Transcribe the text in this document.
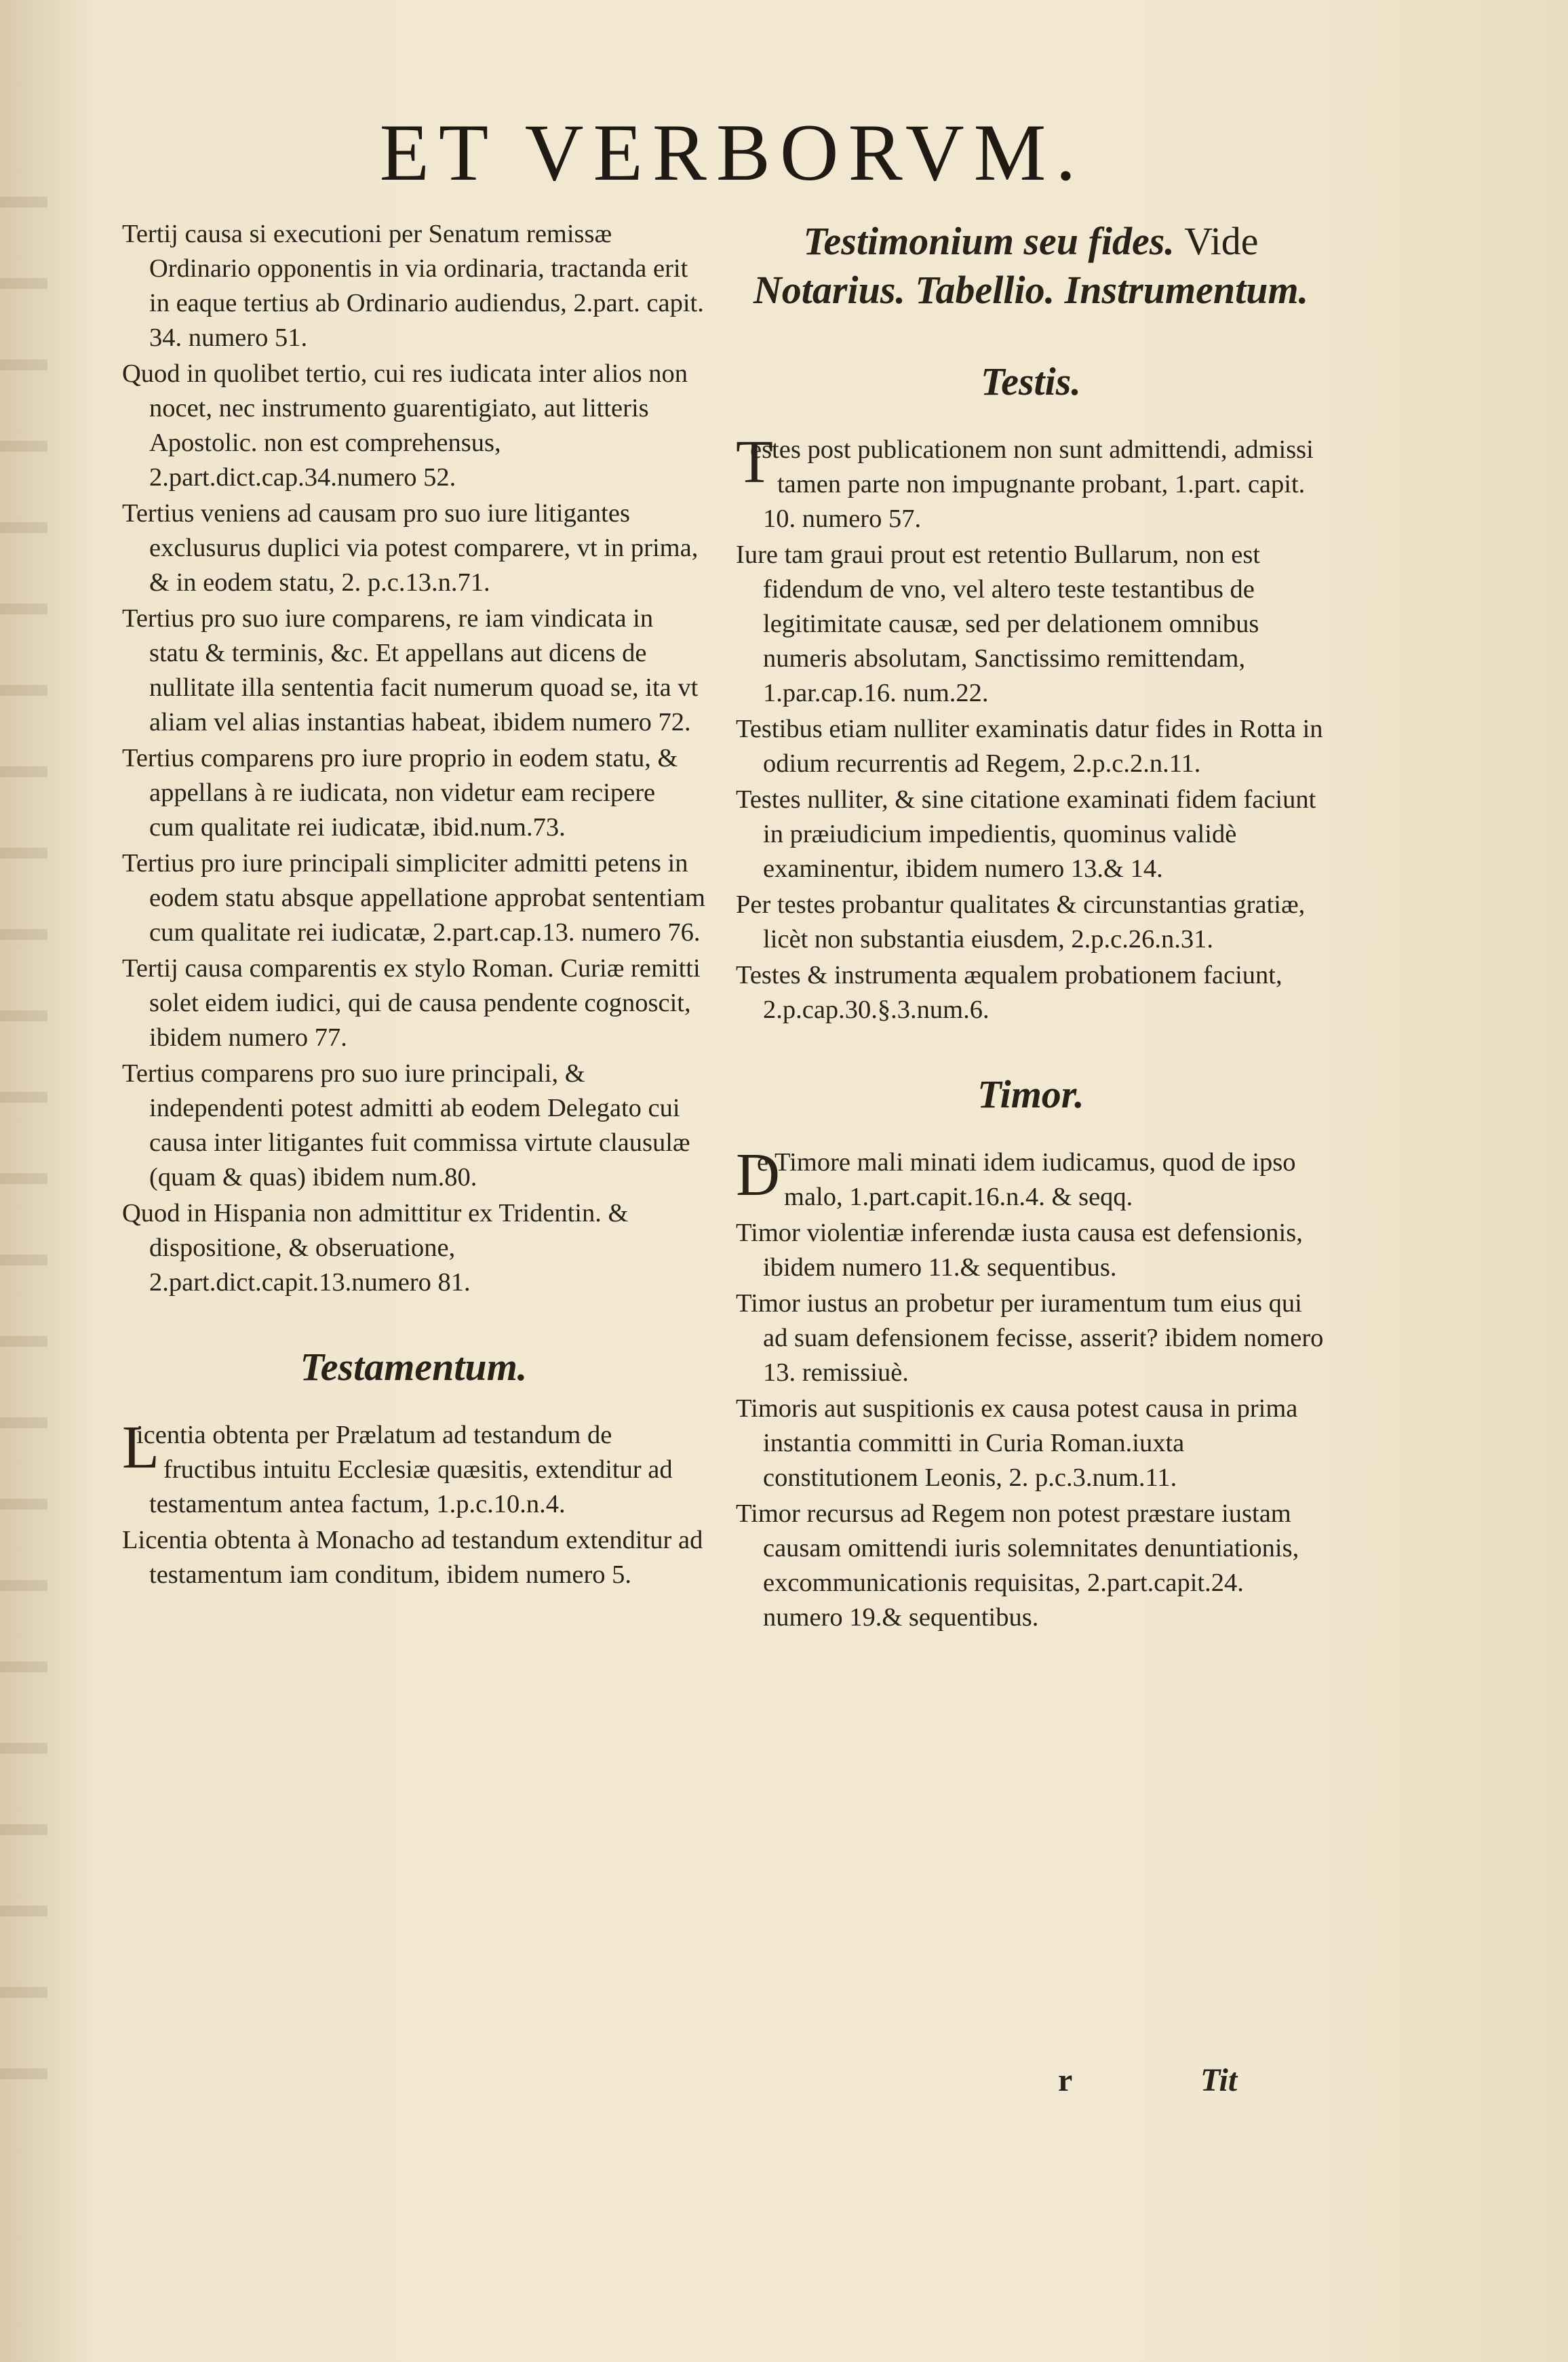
ET VERBORVM.

Tertij causa si executioni per Senatum remissæ Ordinario opponentis in via ordinaria, tractanda erit in eaque tertius ab Ordinario audiendus, 2.part. capit. 34. numero 51.

Quod in quolibet tertio, cui res iudicata inter alios non nocet, nec instrumento guarentigiato, aut litteris Apostolic. non est comprehensus, 2.part.dict.cap.34.numero 52.

Tertius veniens ad causam pro suo iure litigantes exclusurus duplici via potest comparere, vt in prima, & in eodem statu, 2. p.c.13.n.71.

Tertius pro suo iure comparens, re iam vindicata in statu & terminis, &c. Et appellans aut dicens de nullitate illa sententia facit numerum quoad se, ita vt aliam vel alias instantias habeat, ibidem numero 72.

Tertius comparens pro iure proprio in eodem statu, & appellans à re iudicata, non videtur eam recipere cum qualitate rei iudicatæ, ibid.num.73.

Tertius pro iure principali simpliciter admitti petens in eodem statu absque appellatione approbat sententiam cum qualitate rei iudicatæ, 2.part.cap.13. numero 76.

Tertij causa comparentis ex stylo Roman. Curiæ remitti solet eidem iudici, qui de causa pendente cognoscit, ibidem numero 77.

Tertius comparens pro suo iure principali, & independenti potest admitti ab eodem Delegato cui causa inter litigantes fuit commissa virtute clausulæ (quam & quas) ibidem num.80.

Quod in Hispania non admittitur ex Tridentin. & dispositione, & obseruatione, 2.part.dict.capit.13.numero 81.

Testamentum.

Licentia obtenta per Prælatum ad testandum de fructibus intuitu Ecclesiæ quæsitis, extenditur ad testamentum antea factum, 1.p.c.10.n.4.

Licentia obtenta à Monacho ad testandum extenditur ad testamentum iam conditum, ibidem numero 5.

Testimonium seu fides. Vide Notarius. Tabellio. Instrumentum.
Testis.

Testes post publicationem non sunt admittendi, admissi tamen parte non impugnante probant, 1.part. capit. 10. numero 57.

Iure tam graui prout est retentio Bullarum, non est fidendum de vno, vel altero teste testantibus de legitimitate causæ, sed per delationem omnibus numeris absolutam, Sanctissimo remittendam, 1.par.cap.16. num.22.

Testibus etiam nulliter examinatis datur fides in Rotta in odium recurrentis ad Regem, 2.p.c.2.n.11.

Testes nulliter, & sine citatione examinati fidem faciunt in præiudicium impedientis, quominus validè examinentur, ibidem numero 13.& 14.

Per testes probantur qualitates & circunstantias gratiæ, licèt non substantia eiusdem, 2.p.c.26.n.31.

Testes & instrumenta æqualem probationem faciunt, 2.p.cap.30.§.3.num.6.

Timor.

De Timore mali minati idem iudicamus, quod de ipso malo, 1.part.capit.16.n.4. & seqq.

Timor violentiæ inferendæ iusta causa est defensionis, ibidem numero 11.& sequentibus.

Timor iustus an probetur per iuramentum tum eius qui ad suam defensionem fecisse, asserit? ibidem nomero 13. remissiuè.

Timoris aut suspitionis ex causa potest causa in prima instantia committi in Curia Roman.iuxta constitutionem Leonis, 2. p.c.3.num.11.

Timor recursus ad Regem non potest præstare iustam causam omittendi iuris solemnitates denuntiationis, excommunicationis requisitas, 2.part.capit.24. numero 19.& sequentibus.

r	Tit
